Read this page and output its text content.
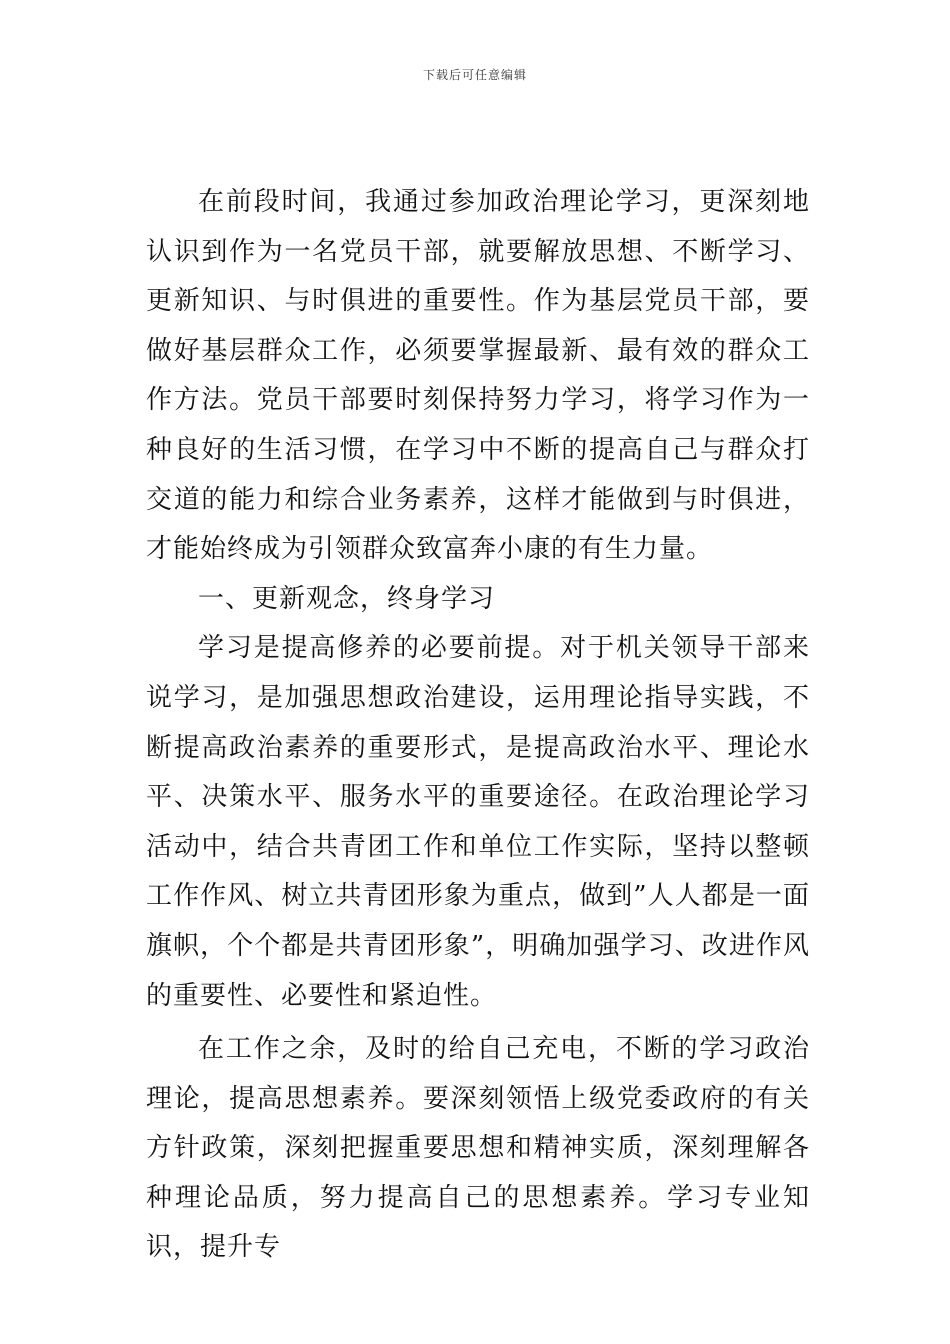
下载后可任意编辑

在前段时间，我通过参加政治理论学习，更深刻地认识到作为一名党员干部，就要解放思想、不断学习、更新知识、与时俱进的重要性。作为基层党员干部，要做好基层群众工作，必须要掌握最新、最有效的群众工作方法。党员干部要时刻保持努力学习，将学习作为一种良好的生活习惯，在学习中不断的提高自己与群众打交道的能力和综合业务素养，这样才能做到与时俱进，才能始终成为引领群众致富奔小康的有生力量。

一、更新观念，终身学习

学习是提高修养的必要前提。对于机关领导干部来说学习，是加强思想政治建设，运用理论指导实践，不断提高政治素养的重要形式，是提高政治水平、理论水平、决策水平、服务水平的重要途径。在政治理论学习活动中，结合共青团工作和单位工作实际，坚持以整顿工作作风、树立共青团形象为重点，做到”人人都是一面旗帜，个个都是共青团形象”，明确加强学习、改进作风的重要性、必要性和紧迫性。

在工作之余，及时的给自己充电，不断的学习政治理论，提高思想素养。要深刻领悟上级党委政府的有关方针政策，深刻把握重要思想和精神实质，深刻理解各种理论品质，努力提高自己的思想素养。学习专业知识，提升专
